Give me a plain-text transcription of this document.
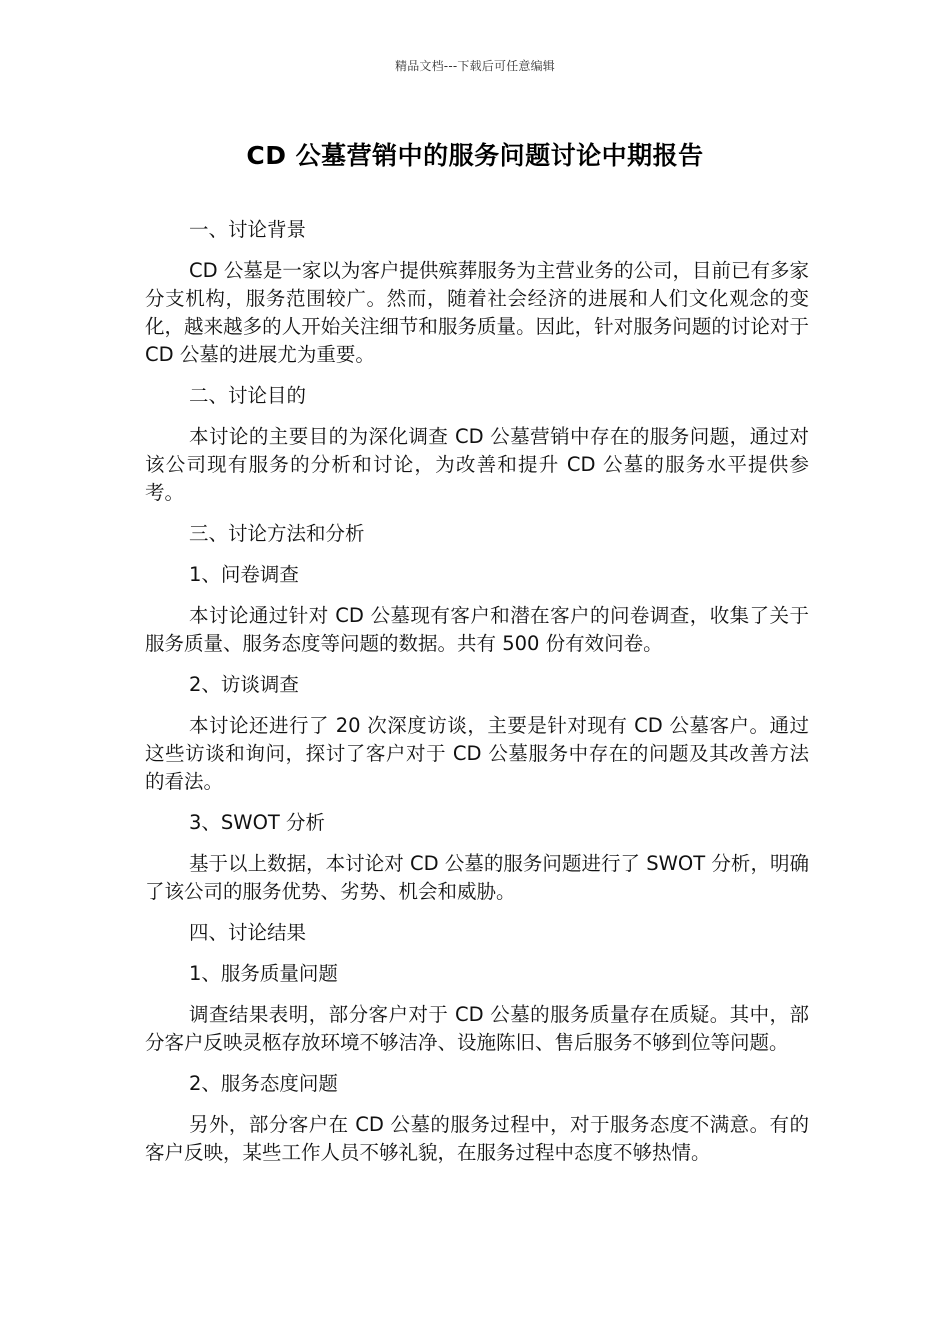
精品文档---下载后可任意编辑
CD 公墓营销中的服务问题讨论中期报告

一、讨论背景

CD 公墓是一家以为客户提供殡葬服务为主营业务的公司，目前已有多家分支机构，服务范围较广。然而，随着社会经济的进展和人们文化观念的变化，越来越多的人开始关注细节和服务质量。因此，针对服务问题的讨论对于 CD 公墓的进展尤为重要。

二、讨论目的

本讨论的主要目的为深化调查 CD 公墓营销中存在的服务问题，通过对该公司现有服务的分析和讨论，为改善和提升 CD 公墓的服务水平提供参考。

三、讨论方法和分析

1、问卷调查

本讨论通过针对 CD 公墓现有客户和潜在客户的问卷调查，收集了关于服务质量、服务态度等问题的数据。共有 500 份有效问卷。

2、访谈调查

本讨论还进行了 20 次深度访谈，主要是针对现有 CD 公墓客户。通过这些访谈和询问，探讨了客户对于 CD 公墓服务中存在的问题及其改善方法的看法。

3、SWOT 分析

基于以上数据，本讨论对 CD 公墓的服务问题进行了 SWOT 分析，明确了该公司的服务优势、劣势、机会和威胁。

四、讨论结果

1、服务质量问题

调查结果表明，部分客户对于 CD 公墓的服务质量存在质疑。其中，部分客户反映灵柩存放环境不够洁净、设施陈旧、售后服务不够到位等问题。

2、服务态度问题

另外，部分客户在 CD 公墓的服务过程中，对于服务态度不满意。有的客户反映，某些工作人员不够礼貌，在服务过程中态度不够热情。
